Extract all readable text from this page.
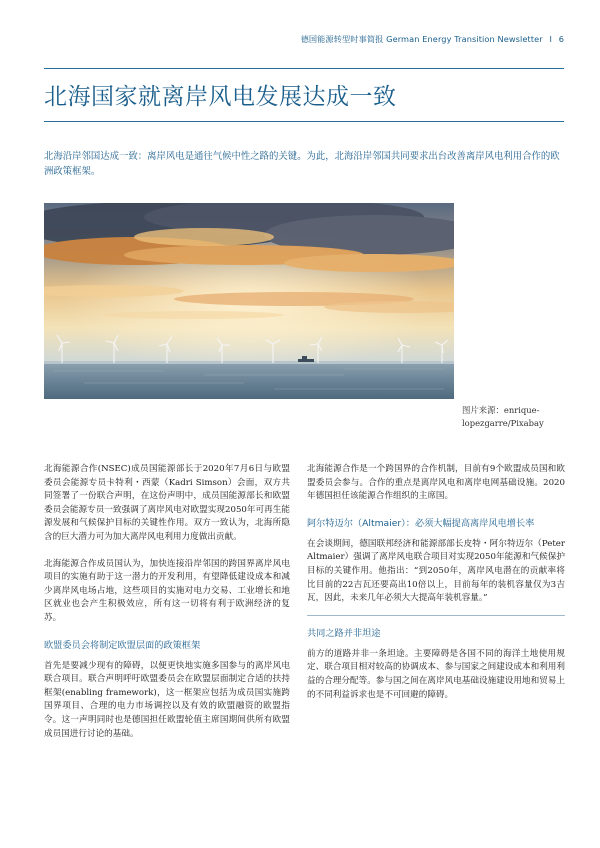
德国能源转型时事简报 German Energy Transition Newsletter I 6
北海国家就离岸风电发展达成一致
北海沿岸邻国达成一致：离岸风电是通往气候中性之路的关键。为此，北海沿岸邻国共同要求出台改善离岸风电利用合作的欧洲政策框架。
图片来源：enrique-lopezgarre/Pixabay

北海能源合作(NSEC)成员国能源部长于2020年7月6日与欧盟委员会能源专员卡特利・西蒙（Kadri Simson）会面，双方共同签署了一份联合声明，在这份声明中，成员国能源部长和欧盟委员会能源专员一致强调了离岸风电对欧盟实现2050年可再生能源发展和气候保护目标的关键性作用。双方一致认为，北海所隐含的巨大潜力可为加大离岸风电利用力度做出贡献。

北海能源合作成员国认为，加快连接沿岸邻国的跨国界离岸风电项目的实施有助于这一潜力的开发利用，有望降低建设成本和减少离岸风电场占地，这些项目的实施对电力交易、工业增长和地区就业也会产生积极效应，所有这一切将有利于欧洲经济的复苏。

欧盟委员会将制定欧盟层面的政策框架

首先是要减少现有的障碍，以便更快地实施多国参与的离岸风电联合项目。联合声明呼吁欧盟委员会在欧盟层面制定合适的扶持框架(enabling framework)，这一框架应包括为成员国实施跨国界项目、合理的电力市场调控以及有效的欧盟融资的欧盟指令。这一声明同时也是德国担任欧盟轮值主席国期间供所有欧盟成员国进行讨论的基础。

北海能源合作是一个跨国界的合作机制，目前有9个欧盟成员国和欧盟委员会参与。合作的重点是离岸风电和离岸电网基础设施。2020年德国担任该能源合作组织的主席国。

阿尔特迈尔（Altmaier）：必须大幅提高离岸风电增长率

在会谈期间，德国联邦经济和能源部部长皮特・阿尔特迈尔（Peter Altmaier）强调了离岸风电联合项目对实现2050年能源和气候保护目标的关键作用。他指出：“到2050年，离岸风电潜在的贡献率将比目前的22吉瓦还要高出10倍以上，目前每年的装机容量仅为3吉瓦，因此，未来几年必须大大提高年装机容量。”

共同之路并非坦途

前方的道路并非一条坦途。主要障碍是各国不同的海洋土地使用规定、联合项目相对较高的协调成本、参与国家之间建设成本和利用利益的合理分配等。参与国之间在离岸风电基础设施建设用地和贸易上的不同利益诉求也是不可回避的障碍。
